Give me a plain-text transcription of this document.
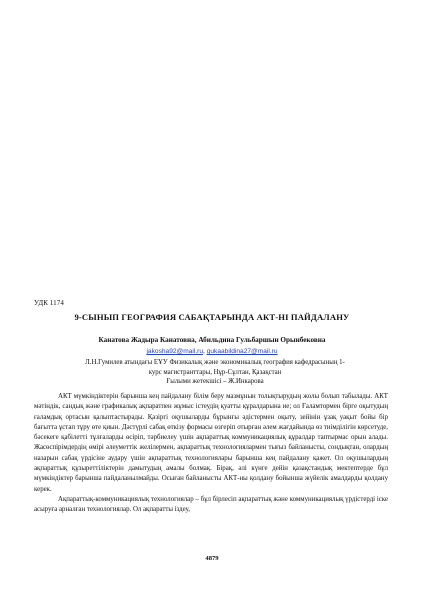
УДК 1174
9-СЫНЫП ГЕОГРАФИЯ САБАҚТАРЫНДА АКТ-НІ ПАЙДАЛАНУ
Канатова Жадыра Канатовна, Абильдина Гульбаршын Орынбековна
jakosha92@mail.ru, gukaabildina27@mail.ru
Л.Н.Гумилев атындағы ЕҰУ Физикалық және экономикалық география кафедрасының 1-
курс магистранттары, Нұр-Сұлтан, Қазақстан
Ғылыми жетекшісі – Ж.Инкарова

АКТ мүмкіндіктерін барынша кең пайдалану білім беру мазмұнын толықтырудың жолы болып табылады. АКТ мәтіндік, сандық және графикалық ақпаратпен жұмыс істеудің қуатты құралдарына ие; ол Ғаламтормен бірге оқытудың ғаламдық ортасын қалыптастырады. Қазіргі оқушыларды бұрынғы әдістермен оқыту, зейінін ұзақ уақыт бойы бір бағытта ұстап тұру өте қиын. Дәстүрлі сабақ өткізу формасы өзгеріп отырған әлем жағдайында өз тиімділігін көрсетуде, бәсекеге қабілетті тұлғаларды өсіріп, тәрбиелеу үшін ақпараттық коммуникациялық құралдар таптырмас орын алады. Жасөспірімдердің өмірі әлеуметтік желілермен, ақпараттық технологиялармен тығыз байланысты, сондықтан, олардың назарын сабақ үрдісіне аудару үшін ақпараттық технологиялары барынша кең пайдалану қажет. Ол оқушылардың ақпараттық құзыреттіліктерін дамытудың амалы болмақ. Бірақ, әлі күнге дейін қазақстандық мектептерде бұл мүмкіндіктер барынша пайдаланылмайды. Осыған байланысты АКТ-ны қолдану бойынша жүйелік амалдарды қолдану керек.

Ақпараттық-коммуникациялық технологиялар – бұл бірлесіп ақпараттық және коммуникациялық үрдістерді іске асыруға арналған технологиялар. Ол ақпаратты іздеу,

4879
